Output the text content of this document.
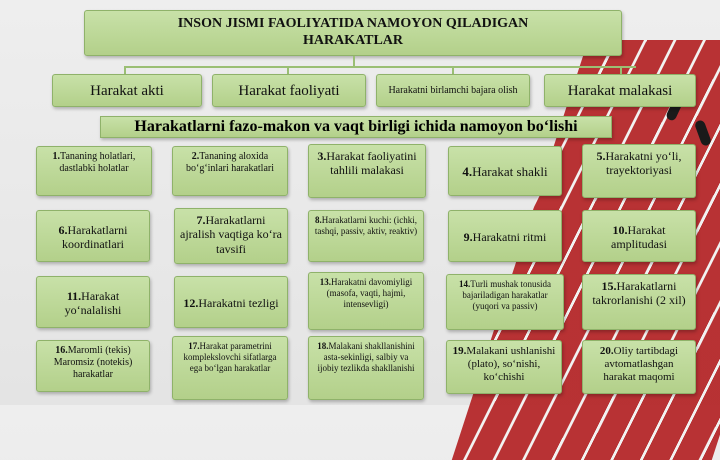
INSON JISMI FAOLIYATIDA NAMOYON QILADIGAN
HARAKATLAR
Harakat akti	Harakat faoliyati	Harakatni birlamchi bajara olish	Harakat malakasi
Harakatlarni fazo-makon va vaqt birligi ichida namoyon bo‘lishi
1.Tananing holatlari, dastlabki holatlar
2.Tananing aloxida bo‘g‘inlari harakatlari
3.Harakat faoliyatini tahlili malakasi	4. Harakat shakli
5.Harakatni yo‘li, trayektoriyasi
6.Harakatlarni koordinatlari
7.Harakatlarni ajralish vaqtiga ko‘ra tavsifi
8.Harakatlarni kuchi: (ichki, tashqi, passiv, aktiv, reaktiv)	9.Harakatni ritmi
10.Harakat amplitudasi
11.Harakat yo‘nalalishi
12.Harakatni tezligi
13.Harakatni davomiyligi (masofa, vaqti, hajmi, intensevligi)
14.Turli mushak tonusida bajariladigan harakatlar (yuqori va passiv)
15.Harakatlarni takrorlanishi (2 xil)
16.Maromli (tekis) Maromsiz (notekis) harakatlar
17.Harakat parametrini komplekslovchi sifatlarga ega bo‘lgan harakatlar
18.Malakani shakllanishini asta-sekinligi, salbiy va ijobiy tezlikda shakllanishi
19.Malakani ushlanishi (plato), so‘nishi, ko‘chishi
20.Oliy tartibdagi avtomatlashgan harakat maqomi
